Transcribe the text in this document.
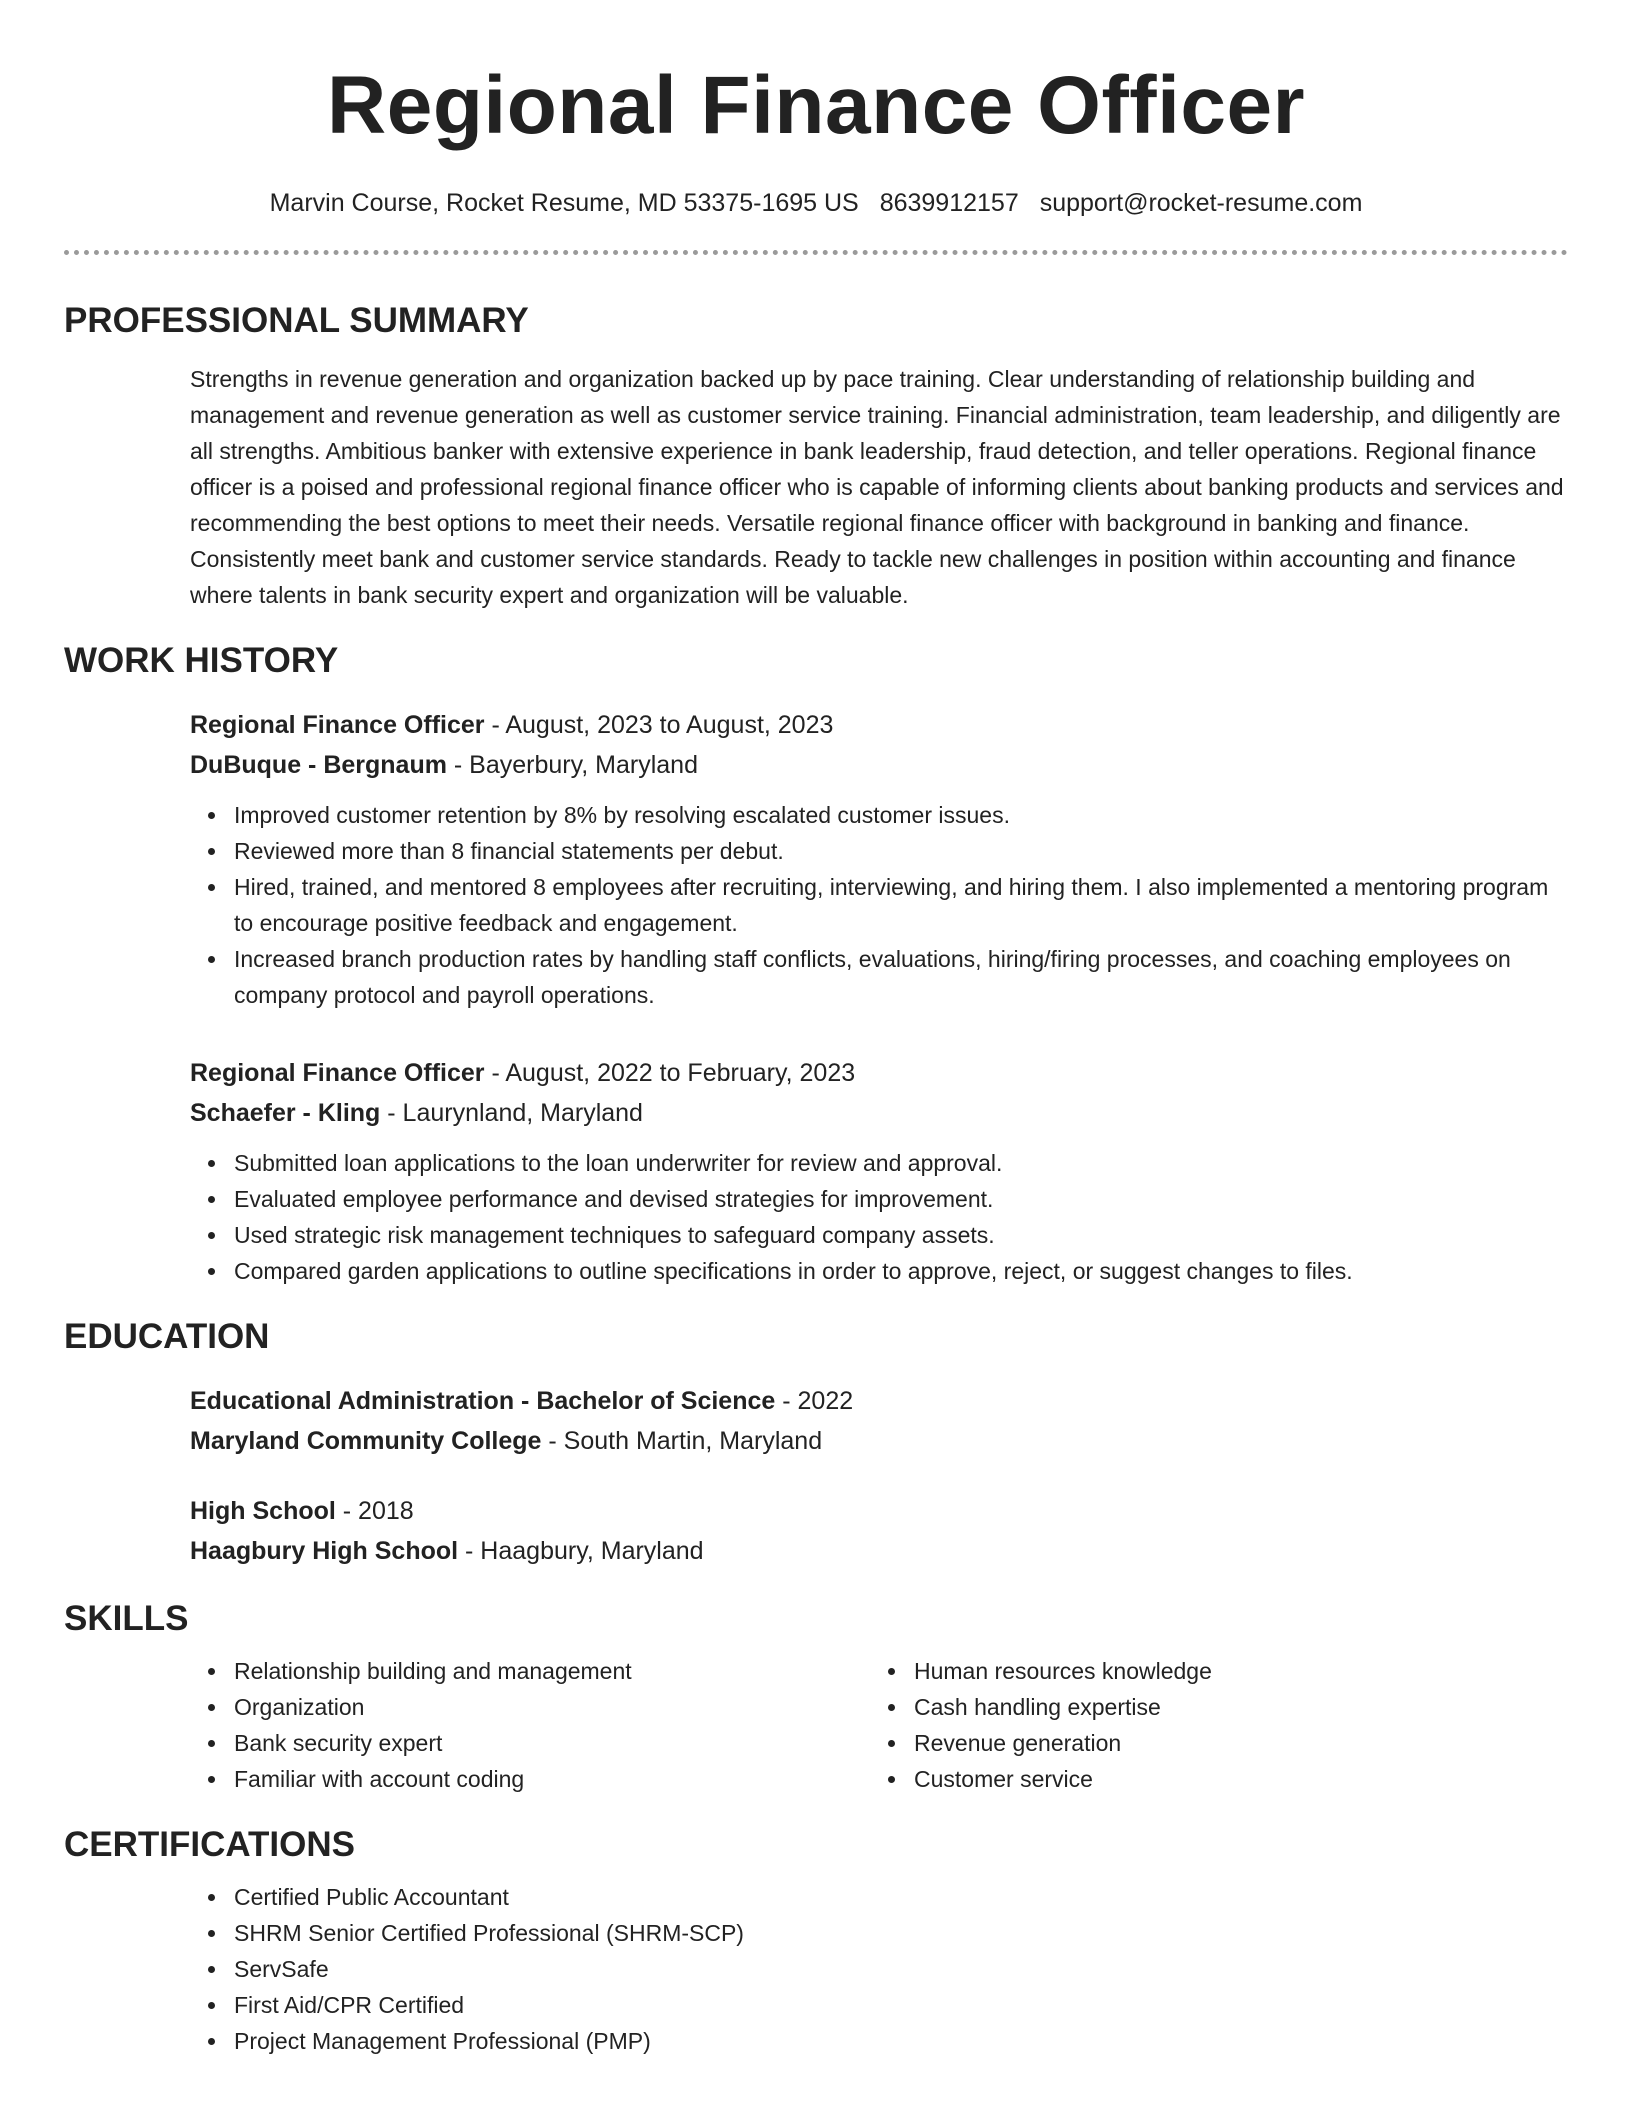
Regional Finance Officer
Marvin Course, Rocket Resume, MD 53375-1695 US 8639912157 support@rocket-resume.com
PROFESSIONAL SUMMARY

Strengths in revenue generation and organization backed up by pace training. Clear understanding of relationship building and management and revenue generation as well as customer service training. Financial administration, team leadership, and diligently are all strengths. Ambitious banker with extensive experience in bank leadership, fraud detection, and teller operations. Regional finance officer is a poised and professional regional finance officer who is capable of informing clients about banking products and services and recommending the best options to meet their needs. Versatile regional finance officer with background in banking and finance. Consistently meet bank and customer service standards. Ready to tackle new challenges in position within accounting and finance where talents in bank security expert and organization will be valuable.

WORK HISTORY
Regional Finance Officer - August, 2023 to August, 2023
DuBuque - Bergnaum - Bayerbury, Maryland
Improved customer retention by 8% by resolving escalated customer issues.
Reviewed more than 8 financial statements per debut.
Hired, trained, and mentored 8 employees after recruiting, interviewing, and hiring them. I also implemented a mentoring program to encourage positive feedback and engagement.
Increased branch production rates by handling staff conflicts, evaluations, hiring/firing processes, and coaching employees on company protocol and payroll operations.
Regional Finance Officer - August, 2022 to February, 2023
Schaefer - Kling - Laurynland, Maryland
Submitted loan applications to the loan underwriter for review and approval.
Evaluated employee performance and devised strategies for improvement.
Used strategic risk management techniques to safeguard company assets.
Compared garden applications to outline specifications in order to approve, reject, or suggest changes to files.
EDUCATION
Educational Administration - Bachelor of Science - 2022
Maryland Community College - South Martin, Maryland
High School - 2018
Haagbury High School - Haagbury, Maryland
SKILLS
Relationship building and management
Organization
Bank security expert
Familiar with account coding
Human resources knowledge
Cash handling expertise
Revenue generation
Customer service
CERTIFICATIONS
Certified Public Accountant
SHRM Senior Certified Professional (SHRM-SCP)
ServSafe
First Aid/CPR Certified
Project Management Professional (PMP)
